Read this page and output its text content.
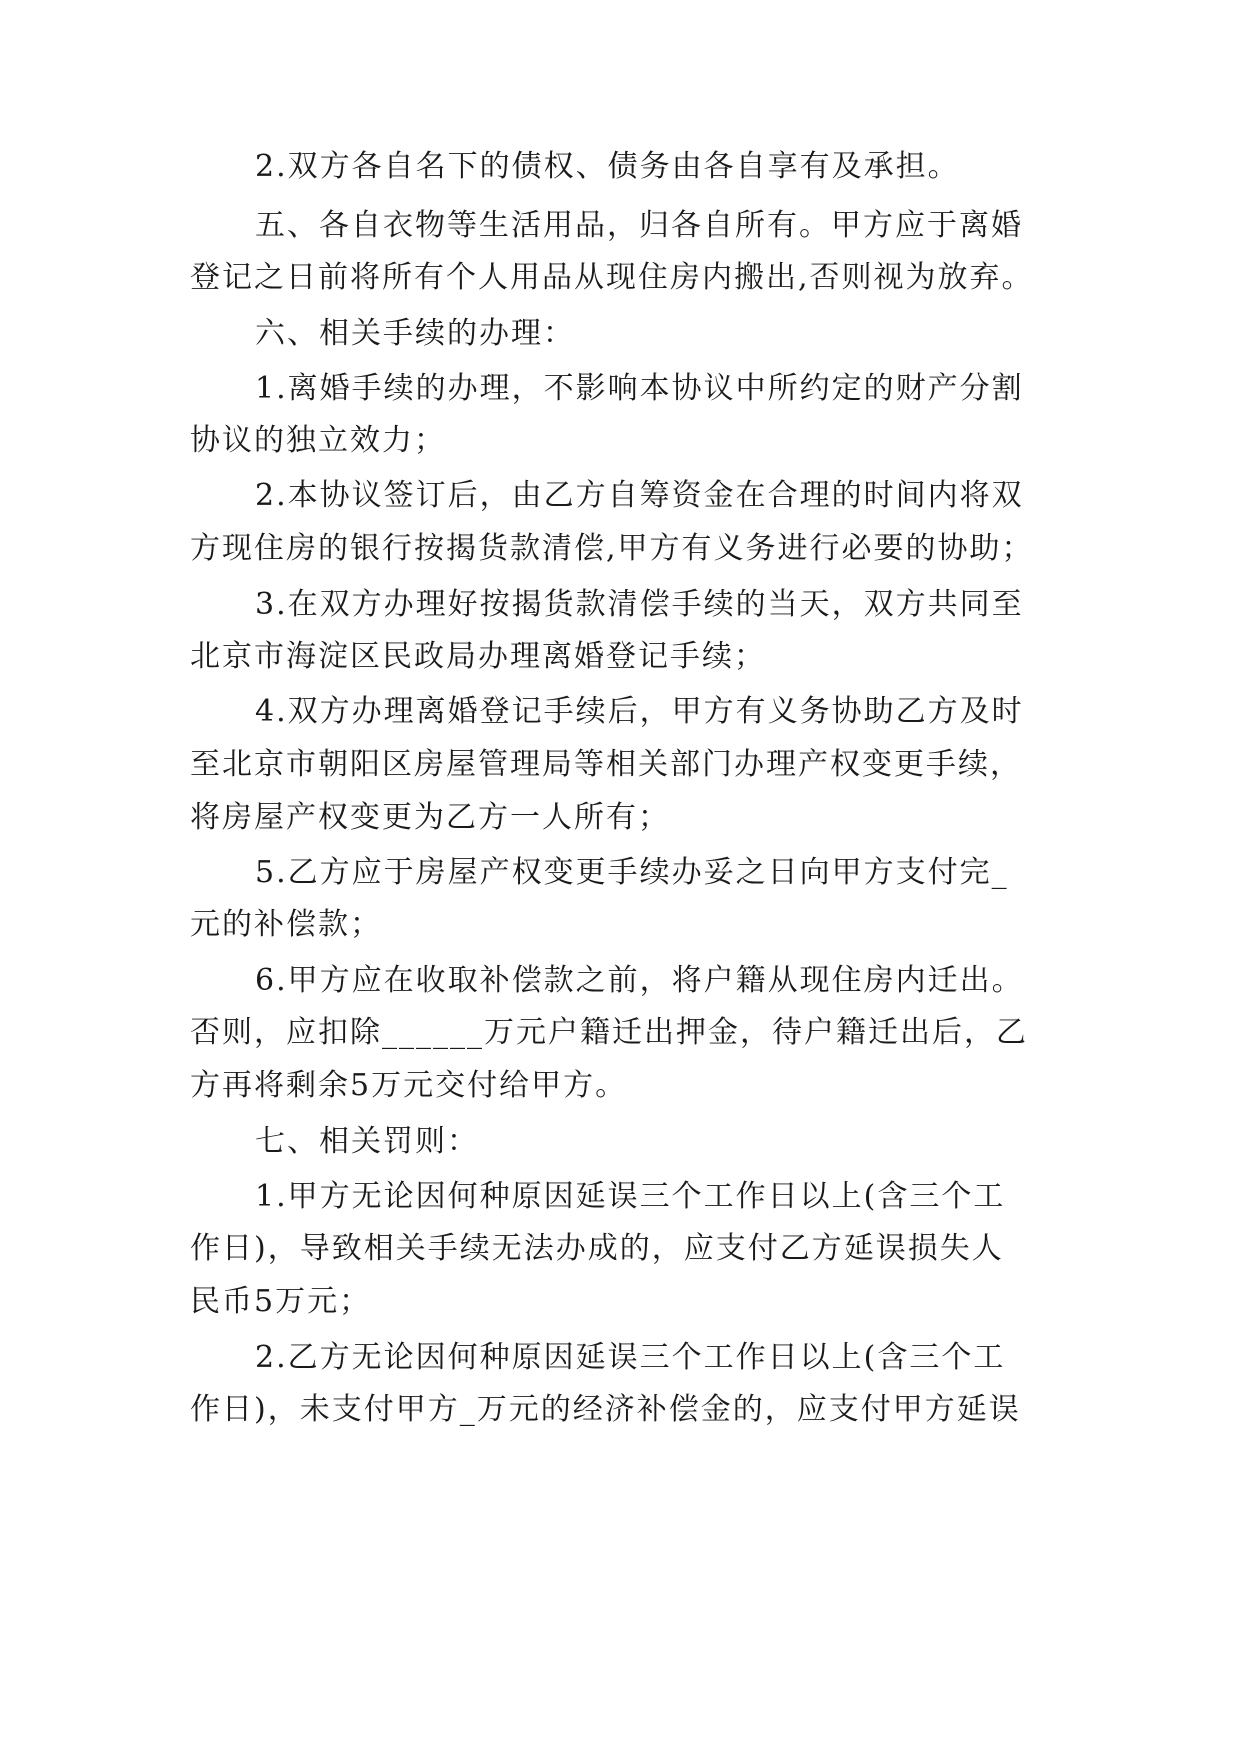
2.双方各自名下的债权、债务由各自享有及承担。
五、各自衣物等生活用品，归各自所有。甲方应于离婚
登记之日前将所有个人用品从现住房内搬出,否则视为放弃。
六、相关手续的办理：
1.离婚手续的办理，不影响本协议中所约定的财产分割
协议的独立效力；
2.本协议签订后，由乙方自筹资金在合理的时间内将双
方现住房的银行按揭货款清偿,甲方有义务进行必要的协助；
3.在双方办理好按揭货款清偿手续的当天，双方共同至
北京市海淀区民政局办理离婚登记手续；
4.双方办理离婚登记手续后，甲方有义务协助乙方及时
至北京市朝阳区房屋管理局等相关部门办理产权变更手续，
将房屋产权变更为乙方一人所有；
5.乙方应于房屋产权变更手续办妥之日向甲方支付完_
元的补偿款；
6.甲方应在收取补偿款之前，将户籍从现住房内迁出。
否则，应扣除______万元户籍迁出押金，待户籍迁出后，乙
方再将剩余5万元交付给甲方。
七、相关罚则：
1.甲方无论因何种原因延误三个工作日以上(含三个工
作日)，导致相关手续无法办成的，应支付乙方延误损失人
民币5万元；
2.乙方无论因何种原因延误三个工作日以上(含三个工
作日)，未支付甲方_万元的经济补偿金的，应支付甲方延误
